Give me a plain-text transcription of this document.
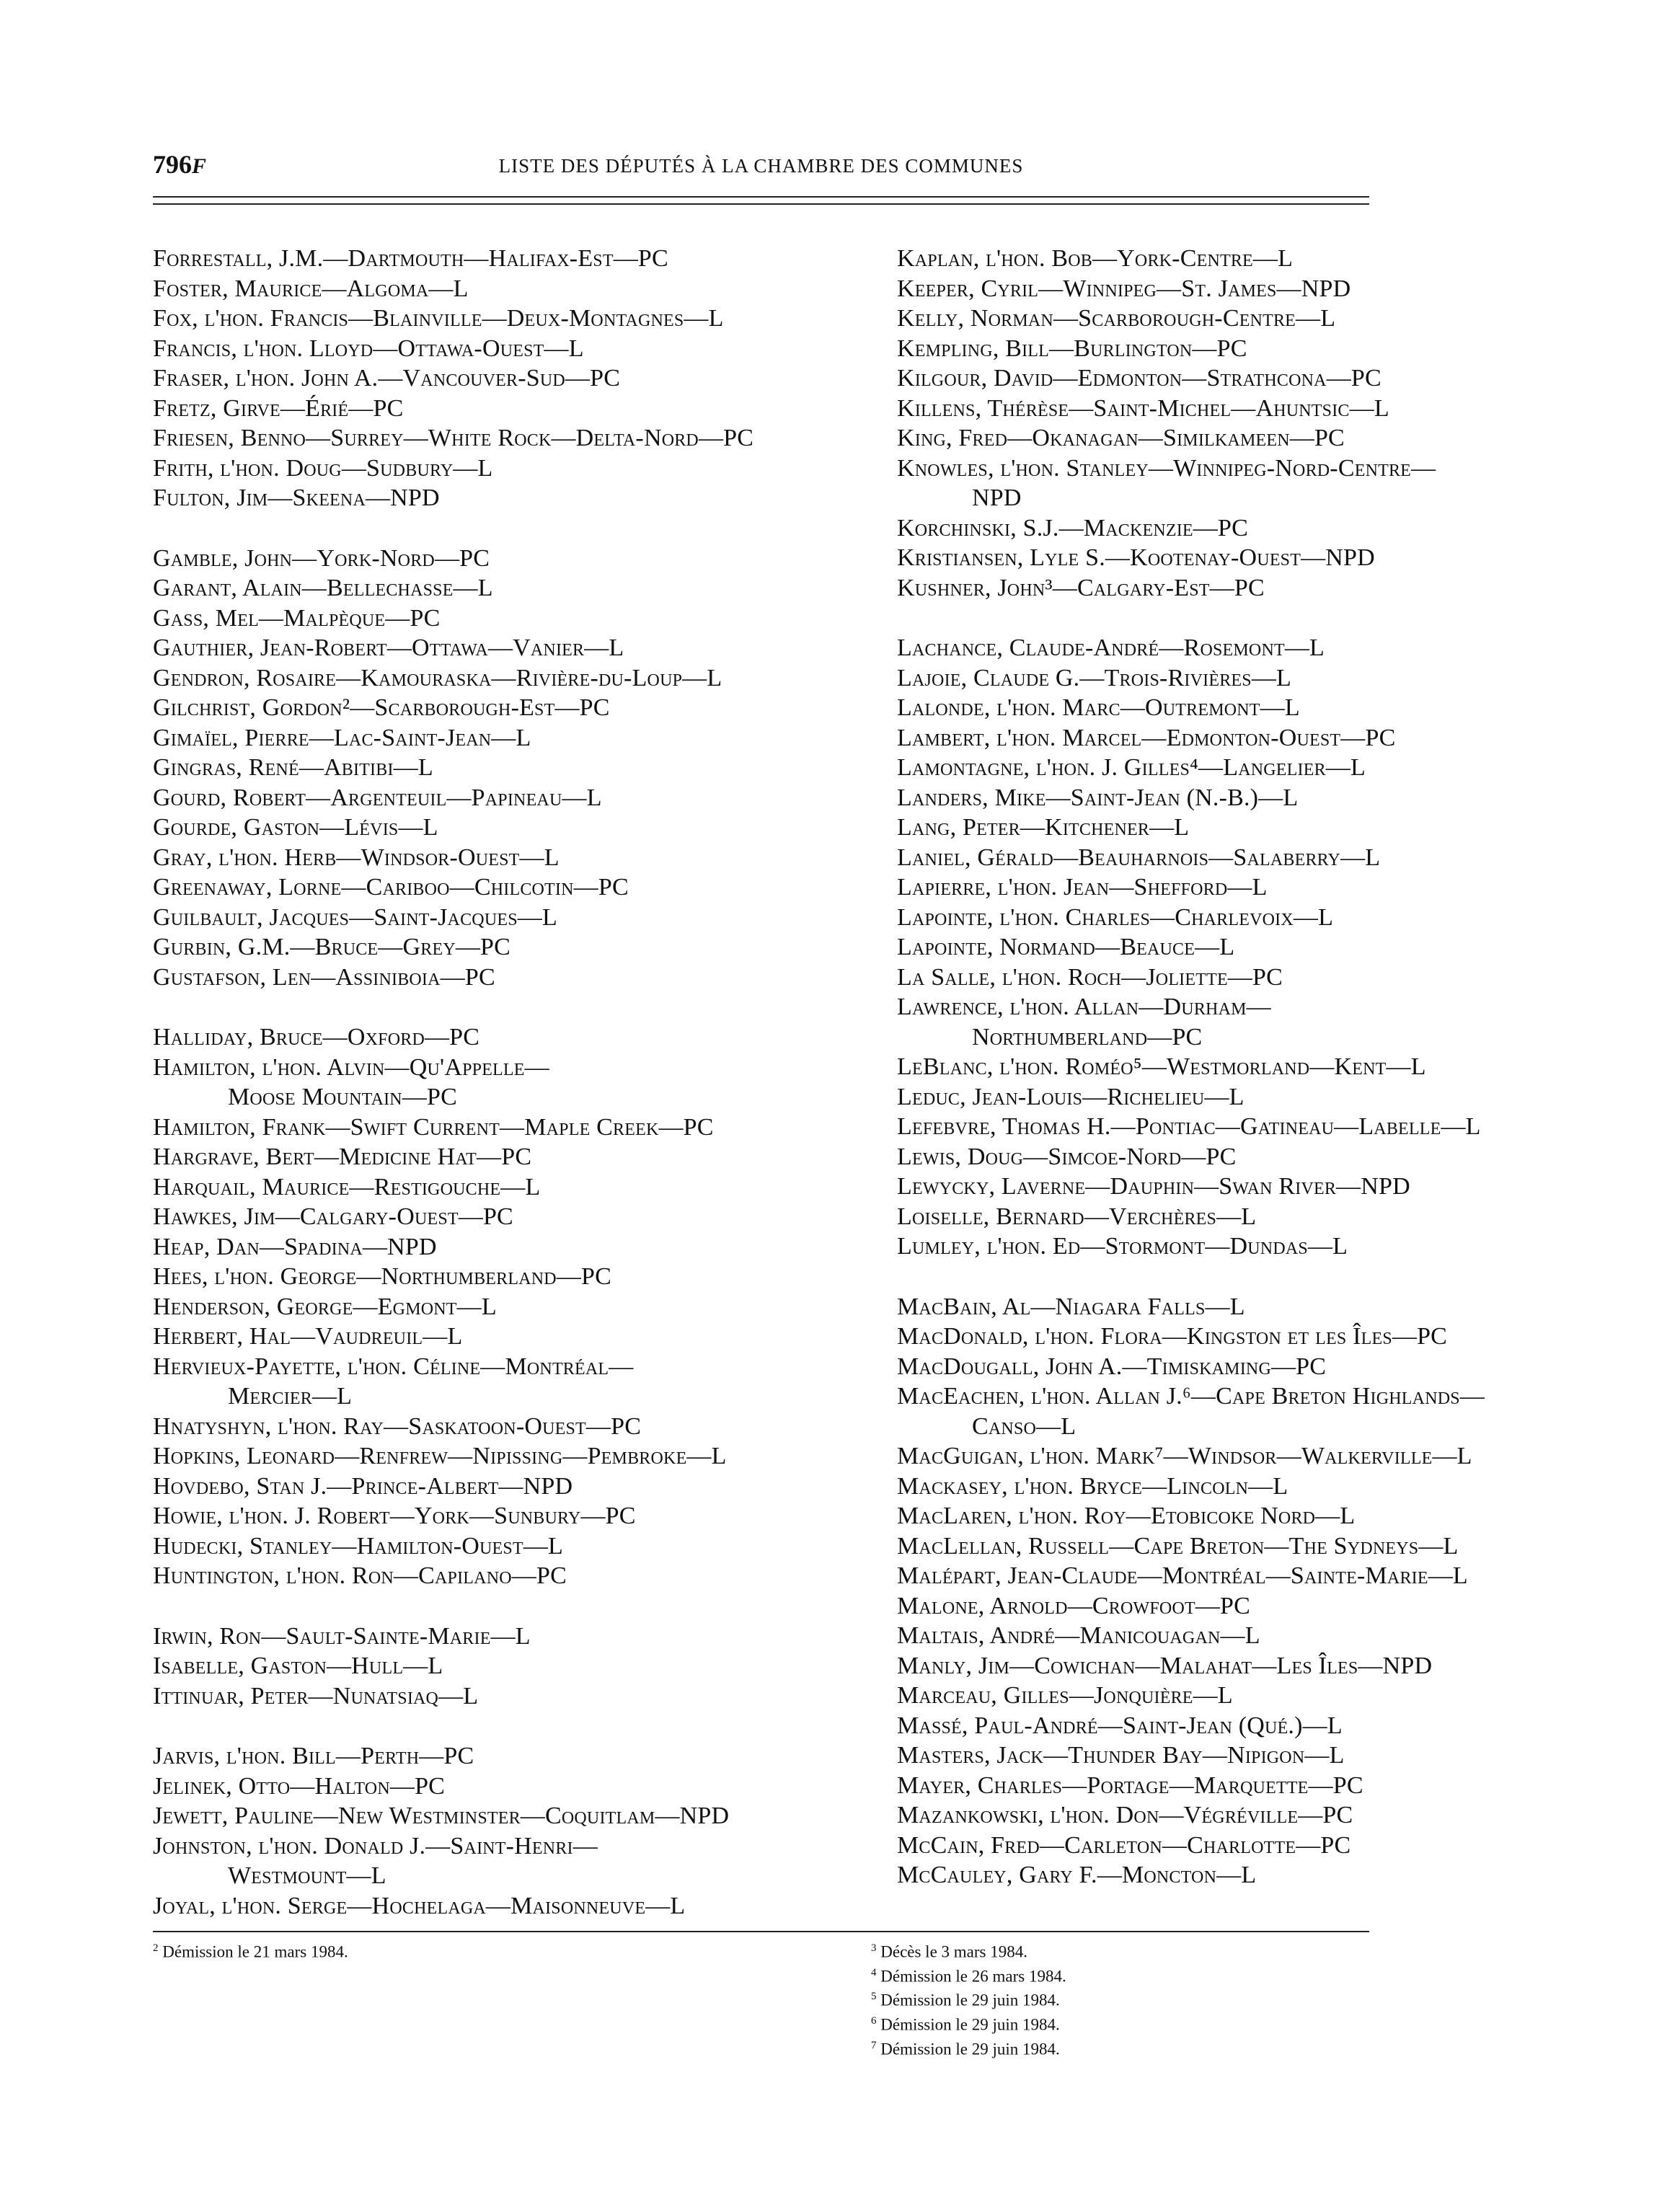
796F	LISTE DES DÉPUTÉS À LA CHAMBRE DES COMMUNES
Forrestall, J.M.—Dartmouth—Halifax-Est—PC
Foster, Maurice—Algoma—L
Fox, l'hon. Francis—Blainville—Deux-Montagnes—L
Francis, l'hon. Lloyd—Ottawa-Ouest—L
Fraser, l'hon. John A.—Vancouver-Sud—PC
Fretz, Girve—Érié—PC
Friesen, Benno—Surrey—White Rock—Delta-Nord—PC
Frith, l'hon. Doug—Sudbury—L
Fulton, Jim—Skeena—NPD
Gamble, John—York-Nord—PC
Garant, Alain—Bellechasse—L
Gass, Mel—Malpèque—PC
Gauthier, Jean-Robert—Ottawa—Vanier—L
Gendron, Rosaire—Kamouraska—Rivière-du-Loup—L
Gilchrist, Gordon²—Scarborough-Est—PC
Gimaïel, Pierre—Lac-Saint-Jean—L
Gingras, René—Abitibi—L
Gourd, Robert—Argenteuil—Papineau—L
Gourde, Gaston—Lévis—L
Gray, l'hon. Herb—Windsor-Ouest—L
Greenaway, Lorne—Cariboo—Chilcotin—PC
Guilbault, Jacques—Saint-Jacques—L
Gurbin, G.M.—Bruce—Grey—PC
Gustafson, Len—Assiniboia—PC
Halliday, Bruce—Oxford—PC
Hamilton, l'hon. Alvin—Qu'Appelle—
Moose Mountain—PC
Hamilton, Frank—Swift Current—Maple Creek—PC
Hargrave, Bert—Medicine Hat—PC
Harquail, Maurice—Restigouche—L
Hawkes, Jim—Calgary-Ouest—PC
Heap, Dan—Spadina—NPD
Hees, l'hon. George—Northumberland—PC
Henderson, George—Egmont—L
Herbert, Hal—Vaudreuil—L
Hervieux-Payette, l'hon. Céline—Montréal—
Mercier—L
Hnatyshyn, l'hon. Ray—Saskatoon-Ouest—PC
Hopkins, Leonard—Renfrew—Nipissing—Pembroke—L
Hovdebo, Stan J.—Prince-Albert—NPD
Howie, l'hon. J. Robert—York—Sunbury—PC
Hudecki, Stanley—Hamilton-Ouest—L
Huntington, l'hon. Ron—Capilano—PC
Irwin, Ron—Sault-Sainte-Marie—L
Isabelle, Gaston—Hull—L
Ittinuar, Peter—Nunatsiaq—L
Jarvis, l'hon. Bill—Perth—PC
Jelinek, Otto—Halton—PC
Jewett, Pauline—New Westminster—Coquitlam—NPD
Johnston, l'hon. Donald J.—Saint-Henri—
Westmount—L
Joyal, l'hon. Serge—Hochelaga—Maisonneuve—L
Kaplan, l'hon. Bob—York-Centre—L
Keeper, Cyril—Winnipeg—St. James—NPD
Kelly, Norman—Scarborough-Centre—L
Kempling, Bill—Burlington—PC
Kilgour, David—Edmonton—Strathcona—PC
Killens, Thérèse—Saint-Michel—Ahuntsic—L
King, Fred—Okanagan—Similkameen—PC
Knowles, l'hon. Stanley—Winnipeg-Nord-Centre—
NPD
Korchinski, S.J.—Mackenzie—PC
Kristiansen, Lyle S.—Kootenay-Ouest—NPD
Kushner, John³—Calgary-Est—PC
Lachance, Claude-André—Rosemont—L
Lajoie, Claude G.—Trois-Rivières—L
Lalonde, l'hon. Marc—Outremont—L
Lambert, l'hon. Marcel—Edmonton-Ouest—PC
Lamontagne, l'hon. J. Gilles⁴—Langelier—L
Landers, Mike—Saint-Jean (N.-B.)—L
Lang, Peter—Kitchener—L
Laniel, Gérald—Beauharnois—Salaberry—L
Lapierre, l'hon. Jean—Shefford—L
Lapointe, l'hon. Charles—Charlevoix—L
Lapointe, Normand—Beauce—L
La Salle, l'hon. Roch—Joliette—PC
Lawrence, l'hon. Allan—Durham—
Northumberland—PC
LeBlanc, l'hon. Roméo⁵—Westmorland—Kent—L
Leduc, Jean-Louis—Richelieu—L
Lefebvre, Thomas H.—Pontiac—Gatineau—Labelle—L
Lewis, Doug—Simcoe-Nord—PC
Lewycky, Laverne—Dauphin—Swan River—NPD
Loiselle, Bernard—Verchères—L
Lumley, l'hon. Ed—Stormont—Dundas—L
MacBain, Al—Niagara Falls—L
MacDonald, l'hon. Flora—Kingston et les Îles—PC
MacDougall, John A.—Timiskaming—PC
MacEachen, l'hon. Allan J.⁶—Cape Breton Highlands—
Canso—L
MacGuigan, l'hon. Mark⁷—Windsor—Walkerville—L
Mackasey, l'hon. Bryce—Lincoln—L
MacLaren, l'hon. Roy—Etobicoke Nord—L
MacLellan, Russell—Cape Breton—The Sydneys—L
Malépart, Jean-Claude—Montréal—Sainte-Marie—L
Malone, Arnold—Crowfoot—PC
Maltais, André—Manicouagan—L
Manly, Jim—Cowichan—Malahat—Les Îles—NPD
Marceau, Gilles—Jonquière—L
Massé, Paul-André—Saint-Jean (Qué.)—L
Masters, Jack—Thunder Bay—Nipigon—L
Mayer, Charles—Portage—Marquette—PC
Mazankowski, l'hon. Don—Végréville—PC
McCain, Fred—Carleton—Charlotte—PC
McCauley, Gary F.—Moncton—L
$^2$ Démission le 21 mars 1984.	$^3$ Décès le 3 mars 1984.
$^4$ Démission le 26 mars 1984.
$^5$ Démission le 29 juin 1984.
$^6$ Démission le 29 juin 1984.
$^7$ Démission le 29 juin 1984.
